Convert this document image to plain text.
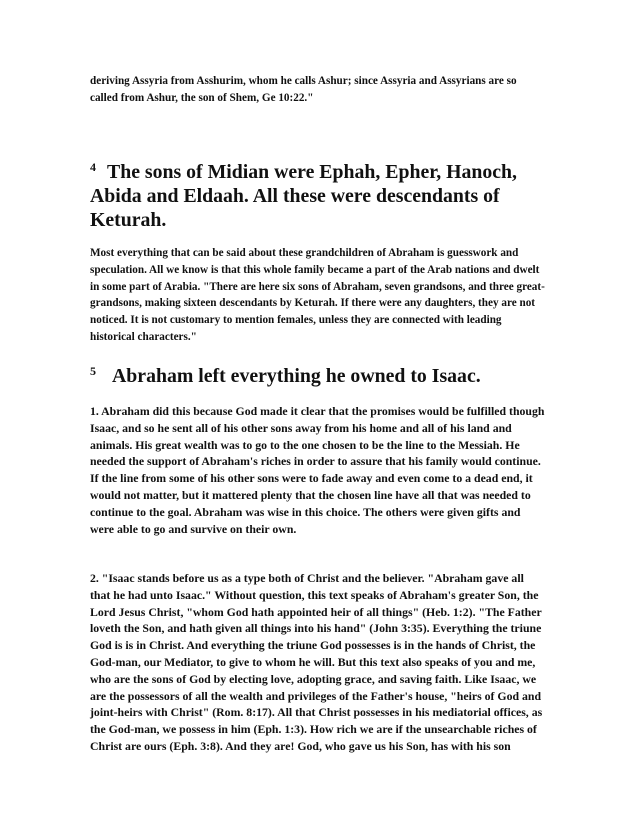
deriving Assyria from Asshurim, whom he calls Ashur; since Assyria and Assyrians are so called from Ashur, the son of Shem, Ge 10:22."

$^4$ The sons of Midian were Ephah, Epher, Hanoch, Abida and Eldaah. All these were descendants of Keturah.

Most everything that can be said about these grandchildren of Abraham is guesswork and speculation. All we know is that this whole family became a part of the Arab nations and dwelt in some part of Arabia. "There are here six sons of Abraham, seven grandsons, and three great-grandsons, making sixteen descendants by Keturah. If there were any daughters, they are not noticed. It is not customary to mention females, unless they are connected with leading historical characters."

$^5$ Abraham left everything he owned to Isaac.

1. Abraham did this because God made it clear that the promises would be fulfilled though Isaac, and so he sent all of his other sons away from his home and all of his land and animals. His great wealth was to go to the one chosen to be the line to the Messiah. He needed the support of Abraham's riches in order to assure that his family would continue. If the line from some of his other sons were to fade away and even come to a dead end, it would not matter, but it mattered plenty that the chosen line have all that was needed to continue to the goal. Abraham was wise in this choice. The others were given gifts and were able to go and survive on their own.

2. "Isaac stands before us as a type both of Christ and the believer. "Abraham gave all that he had unto Isaac." Without question, this text speaks of Abraham's greater Son, the Lord Jesus Christ, "whom God hath appointed heir of all things" (Heb. 1:2). "The Father loveth the Son, and hath given all things into his hand" (John 3:35). Everything the triune God is is in Christ. And everything the triune God possesses is in the hands of Christ, the God-man, our Mediator, to give to whom he will. But this text also speaks of you and me, who are the sons of God by electing love, adopting grace, and saving faith. Like Isaac, we are the possessors of all the wealth and privileges of the Father's house, "heirs of God and joint-heirs with Christ" (Rom. 8:17). All that Christ possesses in his mediatorial offices, as the God-man, we possess in him (Eph. 1:3). How rich we are if the unsearchable riches of Christ are ours (Eph. 3:8). And they are! God, who gave us his Son, has with his son
